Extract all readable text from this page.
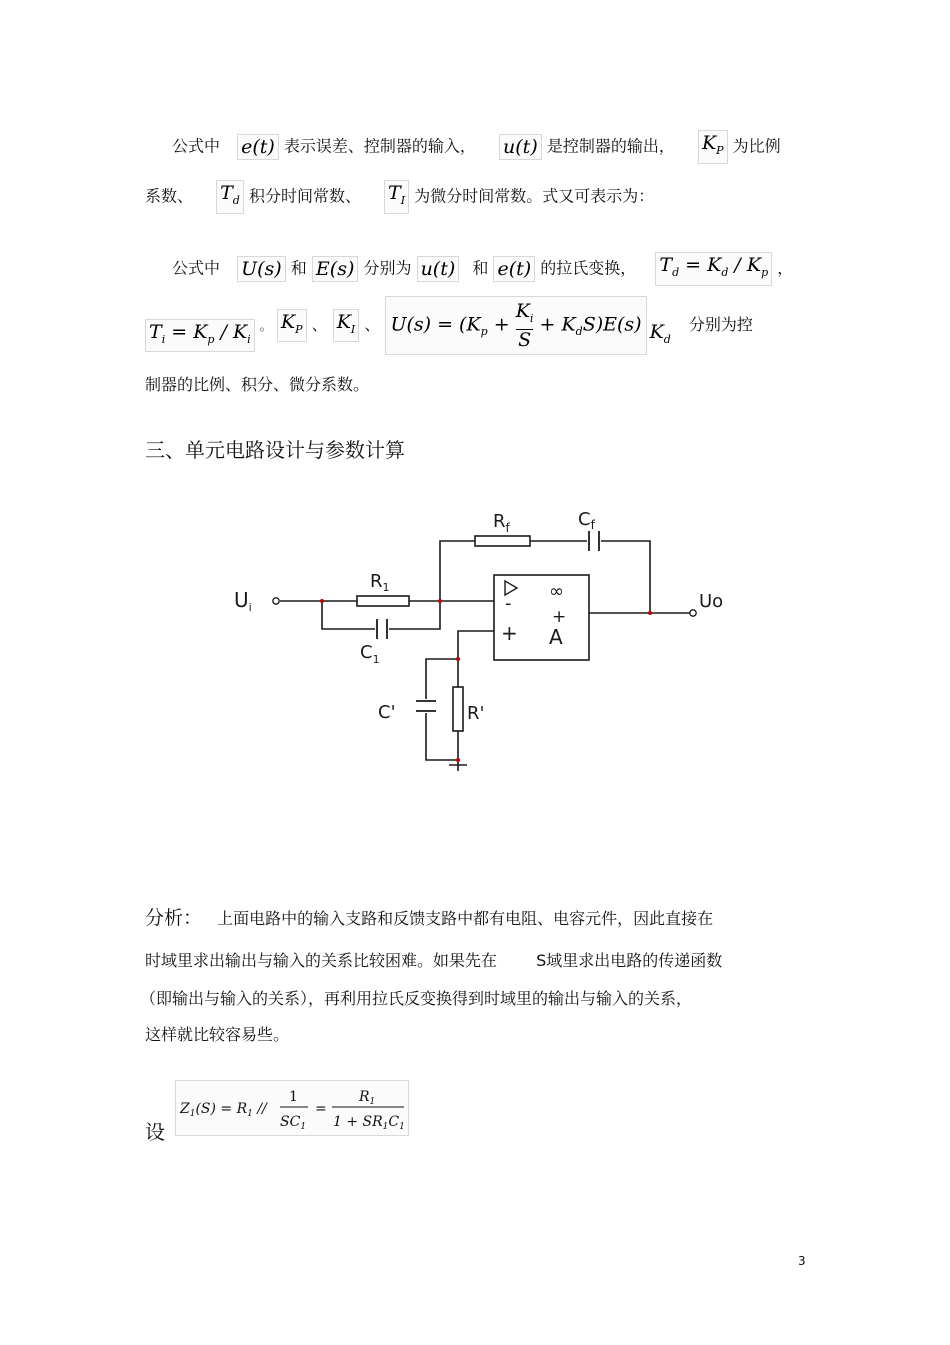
公式中 e(t) 表示误差、控制器的输入， u(t) 是控制器的输出， $K_P$ 为比例
系数、 $T_d$ 积分时间常数、 $T_I$ 为微分时间常数。式又可表示为：
公式中 U(s) 和 E(s) 分别为 u(t) 和 e(t) 的拉氏变换， $T_d = K_d / K_p$ ，
$T_i = K_p / K_i$ 。 $K_P$ 、 $K_I$ 、 $U(s) = (K_p + \frac{K_i}{S} + K_dS)E(s)$ $K_d$ 分别为控
制器的比例、积分、微分系数。
三、单元电路设计与参数计算
$U_i$
$R_1$
$C_1$
$R_f$	$C_f$
Uo
C'	R'
∞
+
-
+ A
分析： 上面电路中的输入支路和反馈支路中都有电阻、电容元件，因此直接在
时域里求出输出与输入的关系比较困难。如果先在 S域里求出电路的传递函数
（即输出与输入的关系），再利用拉氏反变换得到时域里的输出与输入的关系，
这样就比较容易些。
设
$Z_1(S) = R_1$ //
1
$SC_1$
=
$R_1$
$1 + SR_1C_1$
3
